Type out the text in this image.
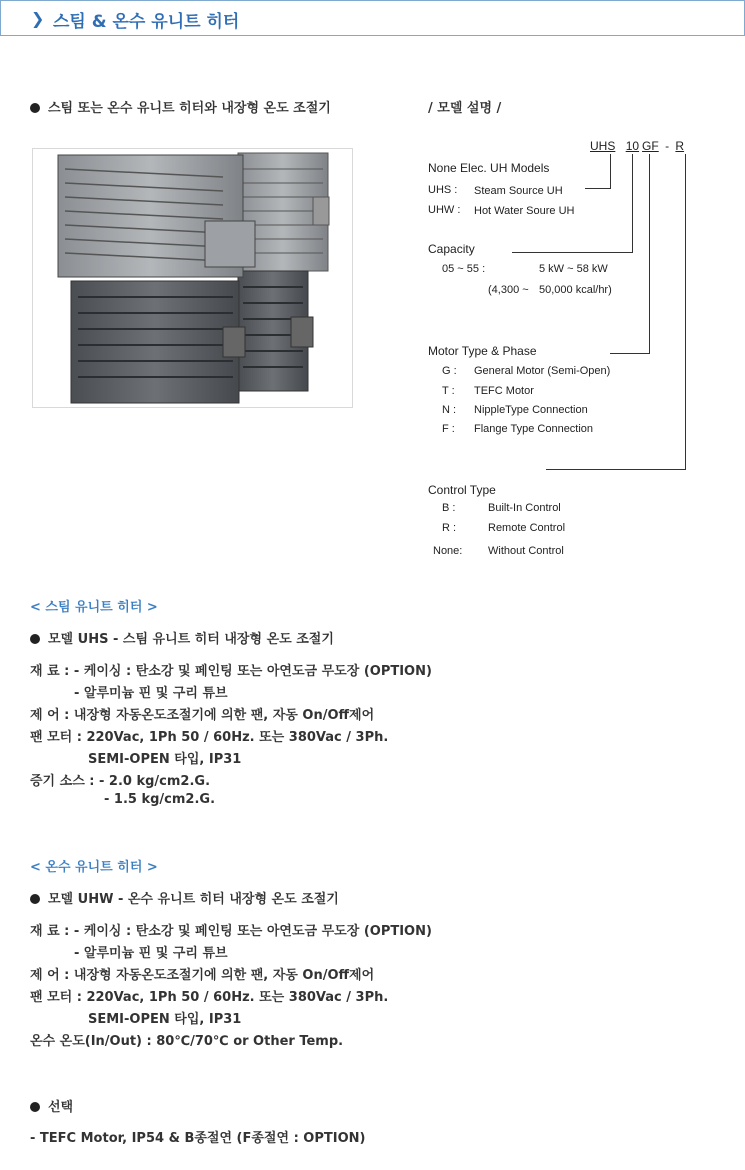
❯ 스팀 & 온수 유니트 히터
스팀 또는 온수 유니트 히터와 내장형 온도 조절기	/ 모델 설명 /
UHS 10 GF - R
None Elec. UH Models
UHS : Steam Source UH
UHW : Hot Water Soure UH
Capacity
05 ~ 55 :	5 kW ~ 58 kW
(4,300 ~ 50,000 kcal/hr)
Motor Type & Phase
G : General Motor (Semi-Open)
T : TEFC Motor
N : NippleType Connection
F : Flange Type Connection
Control Type
B :	Built-In Control
R :	Remote Control
None: Without Control
< 스팀 유니트 히터 >
모델 UHS - 스팀 유니트 히터 내장형 온도 조절기
재 료 : - 케이싱 : 탄소강 및 페인팅 또는 아연도금 무도장 (OPTION)
- 알루미늄 핀 및 구리 튜브
제 어 : 내장형 자동온도조절기에 의한 팬, 자동 On/Off제어
팬 모터 : 220Vac, 1Ph 50 / 60Hz. 또는 380Vac / 3Ph.
SEMI-OPEN 타입, IP31
증기 소스 : - 2.0 kg/cm2.G.
- 1.5 kg/cm2.G.
< 온수 유니트 히터 >
모델 UHW - 온수 유니트 히터 내장형 온도 조절기
재 료 : - 케이싱 : 탄소강 및 페인팅 또는 아연도금 무도장 (OPTION)
- 알루미늄 핀 및 구리 튜브
제 어 : 내장형 자동온도조절기에 의한 팬, 자동 On/Off제어
팬 모터 : 220Vac, 1Ph 50 / 60Hz. 또는 380Vac / 3Ph.
SEMI-OPEN 타입, IP31
온수 온도(In/Out) : 80℃/70℃ or Other Temp.
선택
- TEFC Motor, IP54 & B종절연 (F종절연 : OPTION)
